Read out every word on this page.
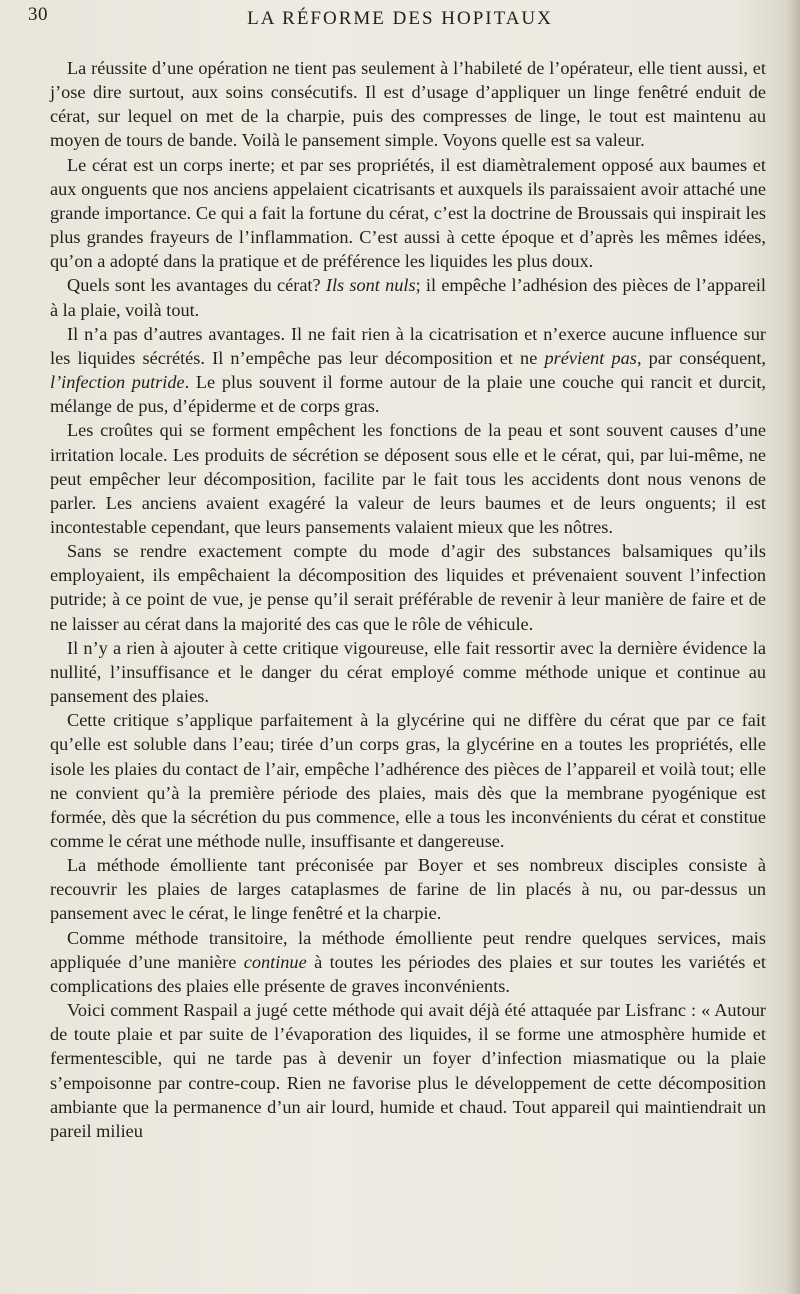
30	LA RÉFORME DES HOPITAUX

La réussite d’une opération ne tient pas seulement à l’habileté de l’opérateur, elle tient aussi, et j’ose dire surtout, aux soins consécutifs. Il est d’usage d’appliquer un linge fenêtré enduit de cérat, sur lequel on met de la charpie, puis des compresses de linge, le tout est maintenu au moyen de tours de bande. Voilà le pansement simple. Voyons quelle est sa valeur.

Le cérat est un corps inerte; et par ses propriétés, il est diamètralement opposé aux baumes et aux onguents que nos anciens appelaient cicatrisants et auxquels ils paraissaient avoir attaché une grande importance. Ce qui a fait la fortune du cérat, c’est la doctrine de Broussais qui inspirait les plus grandes frayeurs de l’inflammation. C’est aussi à cette époque et d’après les mêmes idées, qu’on a adopté dans la pratique et de préférence les liquides les plus doux.

Quels sont les avantages du cérat? Ils sont nuls; il empêche l’adhésion des pièces de l’appareil à la plaie, voilà tout.

Il n’a pas d’autres avantages. Il ne fait rien à la cicatrisation et n’exerce aucune influence sur les liquides sécrétés. Il n’empêche pas leur décomposition et ne prévient pas, par conséquent, l’infection putride. Le plus souvent il forme autour de la plaie une couche qui rancit et durcit, mélange de pus, d’épiderme et de corps gras.

Les croûtes qui se forment empêchent les fonctions de la peau et sont souvent causes d’une irritation locale. Les produits de sécrétion se déposent sous elle et le cérat, qui, par lui-même, ne peut empêcher leur décomposition, facilite par le fait tous les accidents dont nous venons de parler. Les anciens avaient exagéré la valeur de leurs baumes et de leurs onguents; il est incontestable cependant, que leurs pansements valaient mieux que les nôtres.

Sans se rendre exactement compte du mode d’agir des substances balsamiques qu’ils employaient, ils empêchaient la décomposition des liquides et prévenaient souvent l’infection putride; à ce point de vue, je pense qu’il serait préférable de revenir à leur manière de faire et de ne laisser au cérat dans la majorité des cas que le rôle de véhicule.

Il n’y a rien à ajouter à cette critique vigoureuse, elle fait ressortir avec la dernière évidence la nullité, l’insuffisance et le danger du cérat employé comme méthode unique et continue au pansement des plaies.

Cette critique s’applique parfaitement à la glycérine qui ne diffère du cérat que par ce fait qu’elle est soluble dans l’eau; tirée d’un corps gras, la glycérine en a toutes les propriétés, elle isole les plaies du contact de l’air, empêche l’adhérence des pièces de l’appareil et voilà tout; elle ne convient qu’à la première période des plaies, mais dès que la membrane pyogénique est formée, dès que la sécrétion du pus commence, elle a tous les inconvénients du cérat et constitue comme le cérat une méthode nulle, insuffisante et dangereuse.

La méthode émolliente tant préconisée par Boyer et ses nombreux disciples consiste à recouvrir les plaies de larges cataplasmes de farine de lin placés à nu, ou par-dessus un pansement avec le cérat, le linge fenêtré et la charpie.

Comme méthode transitoire, la méthode émolliente peut rendre quelques services, mais appliquée d’une manière continue à toutes les périodes des plaies et sur toutes les variétés et complications des plaies elle présente de graves inconvénients.

Voici comment Raspail a jugé cette méthode qui avait déjà été attaquée par Lisfranc : « Autour de toute plaie et par suite de l’évaporation des liquides, il se forme une atmosphère humide et fermentescible, qui ne tarde pas à devenir un foyer d’infection miasmatique ou la plaie s’empoisonne par contre-coup. Rien ne favorise plus le développement de cette décomposition ambiante que la permanence d’un air lourd, humide et chaud. Tout appareil qui maintiendrait un pareil milieu
